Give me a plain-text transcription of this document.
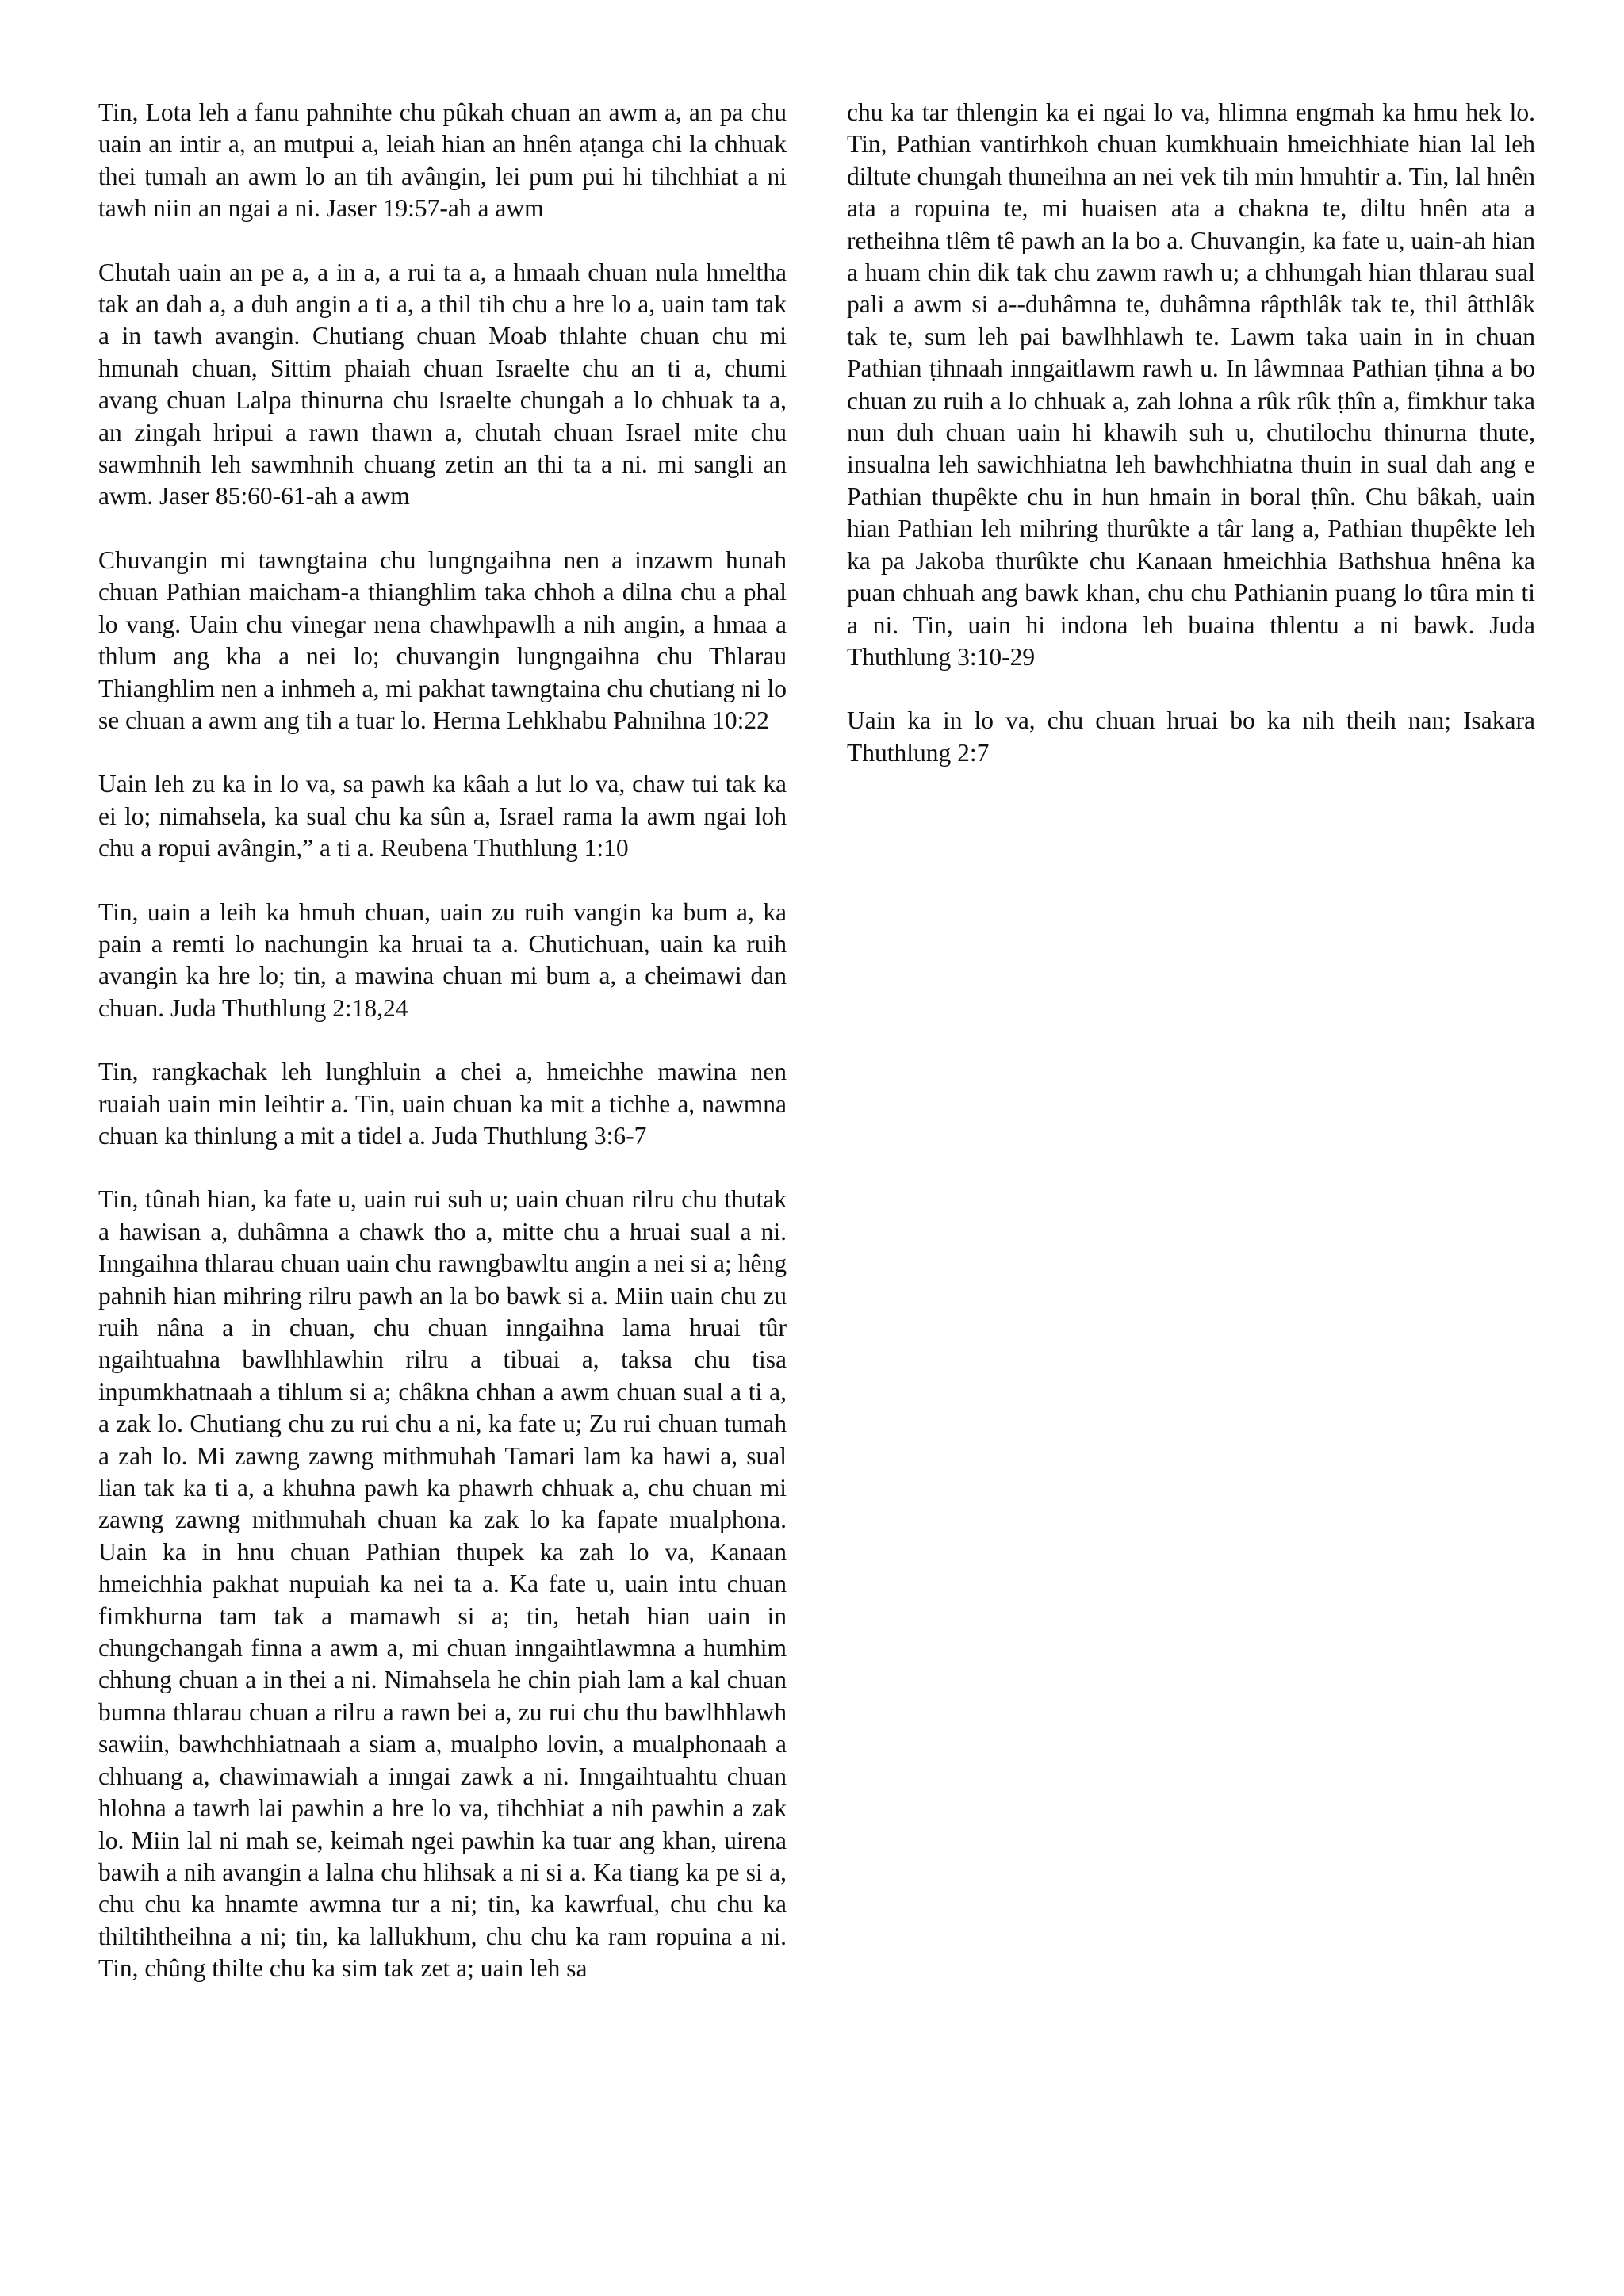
Tin, Lota leh a fanu pahnihte chu pûkah chuan an awm a, an pa chu uain an intir a, an mutpui a, leiah hian an hnên aṭanga chi la chhuak thei tumah an awm lo an tih avângin, lei pum pui hi tihchhiat a ni tawh niin an ngai a ni. Jaser 19:57-ah a awm

Chutah uain an pe a, a in a, a rui ta a, a hmaah chuan nula hmeltha tak an dah a, a duh angin a ti a, a thil tih chu a hre lo a, uain tam tak a in tawh avangin. Chutiang chuan Moab thlahte chuan chu mi hmunah chuan, Sittim phaiah chuan Israelte chu an ti a, chumi avang chuan Lalpa thinurna chu Israelte chungah a lo chhuak ta a, an zingah hripui a rawn thawn a, chutah chuan Israel mite chu sawmhnih leh sawmhnih chuang zetin an thi ta a ni. mi sangli an awm. Jaser 85:60-61-ah a awm

Chuvangin mi tawngtaina chu lungngaihna nen a inzawm hunah chuan Pathian maicham-a thianghlim taka chhoh a dilna chu a phal lo vang. Uain chu vinegar nena chawhpawlh a nih angin, a hmaa a thlum ang kha a nei lo; chuvangin lungngaihna chu Thlarau Thianghlim nen a inhmeh a, mi pakhat tawngtaina chu chutiang ni lo se chuan a awm ang tih a tuar lo. Herma Lehkhabu Pahnihna 10:22

Uain leh zu ka in lo va, sa pawh ka kâah a lut lo va, chaw tui tak ka ei lo; nimahsela, ka sual chu ka sûn a, Israel rama la awm ngai loh chu a ropui avângin,” a ti a. Reubena Thuthlung 1:10

Tin, uain a leih ka hmuh chuan, uain zu ruih vangin ka bum a, ka pain a remti lo nachungin ka hruai ta a. Chutichuan, uain ka ruih avangin ka hre lo; tin, a mawina chuan mi bum a, a cheimawi dan chuan. Juda Thuthlung 2:18,24

Tin, rangkachak leh lunghluin a chei a, hmeichhe mawina nen ruaiah uain min leihtir a. Tin, uain chuan ka mit a tichhe a, nawmna chuan ka thinlung a mit a tidel a. Juda Thuthlung 3:6-7

Tin, tûnah hian, ka fate u, uain rui suh u; uain chuan rilru chu thutak a hawisan a, duhâmna a chawk tho a, mitte chu a hruai sual a ni. Inngaihna thlarau chuan uain chu rawngbawltu angin a nei si a; hêng pahnih hian mihring rilru pawh an la bo bawk si a. Miin uain chu zu ruih nâna a in chuan, chu chuan inngaihna lama hruai tûr ngaihtuahna bawlhhlawhin rilru a tibuai a, taksa chu tisa inpumkhatnaah a tihlum si a; châkna chhan a awm chuan sual a ti a, a zak lo. Chutiang chu zu rui chu a ni, ka fate u; Zu rui chuan tumah a zah lo. Mi zawng zawng mithmuhah Tamari lam ka hawi a, sual lian tak ka ti a, a khuhna pawh ka phawrh chhuak a, chu chuan mi zawng zawng mithmuhah chuan ka zak lo ka fapate mualphona. Uain ka in hnu chuan Pathian thupek ka zah lo va, Kanaan hmeichhia pakhat nupuiah ka nei ta a. Ka fate u, uain intu chuan fimkhurna tam tak a mamawh si a; tin, hetah hian uain in chungchangah finna a awm a, mi chuan inngaihtlawmna a humhim chhung chuan a in thei a ni. Nimahsela he chin piah lam a kal chuan bumna thlarau chuan a rilru a rawn bei a, zu rui chu thu bawlhhlawh sawiin, bawhchhiatnaah a siam a, mualpho lovin, a mualphonaah a chhuang a, chawimawiah a inngai zawk a ni. Inngaihtuahtu chuan hlohna a tawrh lai pawhin a hre lo va, tihchhiat a nih pawhin a zak lo. Miin lal ni mah se, keimah ngei pawhin ka tuar ang khan, uirena bawih a nih avangin a lalna chu hlihsak a ni si a. Ka tiang ka pe si a, chu chu ka hnamte awmna tur a ni; tin, ka kawrfual, chu chu ka thiltihtheihna a ni; tin, ka lallukhum, chu chu ka ram ropuina a ni. Tin, chûng thilte chu ka sim tak zet a; uain leh sa

chu ka tar thlengin ka ei ngai lo va, hlimna engmah ka hmu hek lo. Tin, Pathian vantirhkoh chuan kumkhuain hmeichhiate hian lal leh diltute chungah thuneihna an nei vek tih min hmuhtir a. Tin, lal hnên ata a ropuina te, mi huaisen ata a chakna te, diltu hnên ata a retheihna tlêm tê pawh an la bo a. Chuvangin, ka fate u, uain-ah hian a huam chin dik tak chu zawm rawh u; a chhungah hian thlarau sual pali a awm si a--duhâmna te, duhâmna râpthlâk tak te, thil âtthlâk tak te, sum leh pai bawlhhlawh te. Lawm taka uain in in chuan Pathian ṭihnaah inngaitlawm rawh u. In lâwmnaa Pathian ṭihna a bo chuan zu ruih a lo chhuak a, zah lohna a rûk rûk ṭhîn a, fimkhur taka nun duh chuan uain hi khawih suh u, chutilochu thinurna thute, insualna leh sawichhiatna leh bawhchhiatna thuin in sual dah ang e Pathian thupêkte chu in hun hmain in boral ṭhîn. Chu bâkah, uain hian Pathian leh mihring thurûkte a târ lang a, Pathian thupêkte leh ka pa Jakoba thurûkte chu Kanaan hmeichhia Bathshua hnêna ka puan chhuah ang bawk khan, chu chu Pathianin puang lo tûra min ti a ni. Tin, uain hi indona leh buaina thlentu a ni bawk. Juda Thuthlung 3:10-29

Uain ka in lo va, chu chuan hruai bo ka nih theih nan; Isakara Thuthlung 2:7
